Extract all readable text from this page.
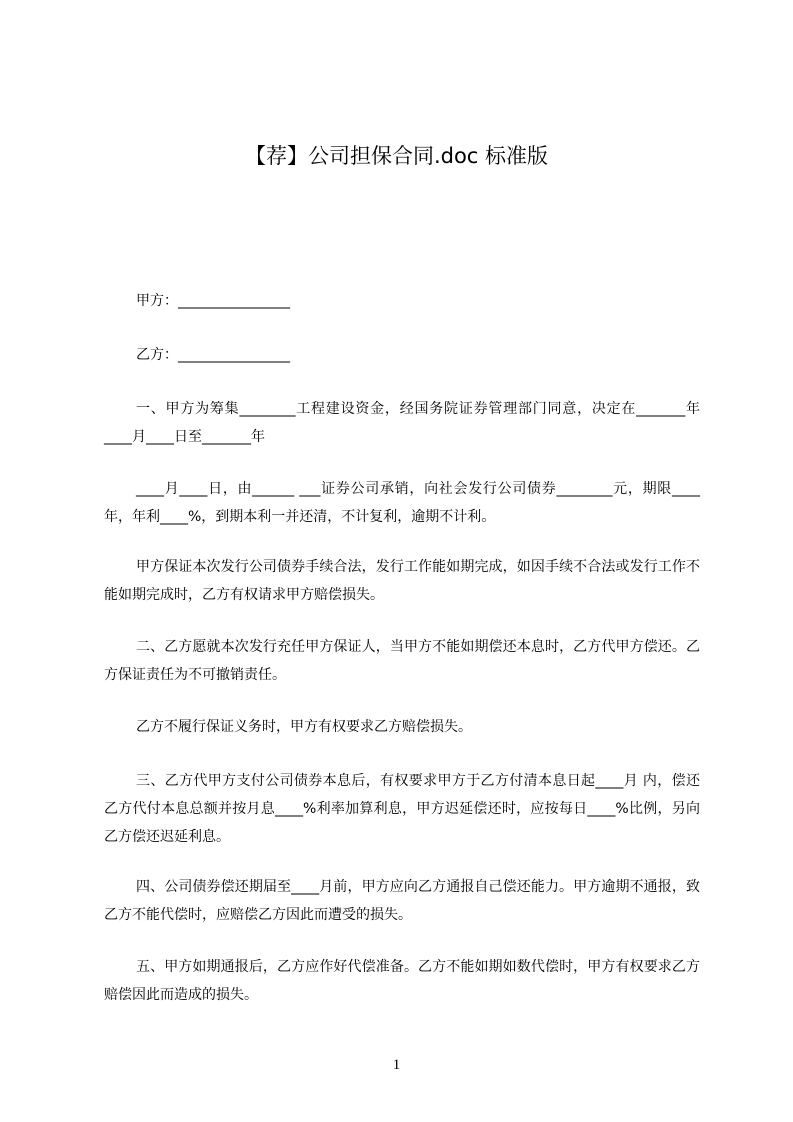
【荐】公司担保合同.doc 标准版

甲方：________________

乙方：________________

一、甲方为筹集________工程建设资金，经国务院证券管理部门同意，决定在_______年____月____日至_______年

____月____日，由______ ___证券公司承销，向社会发行公司债券________元，期限____年，年利____%，到期本利一并还清，不计复利，逾期不计利。

甲方保证本次发行公司债券手续合法，发行工作能如期完成，如因手续不合法或发行工作不能如期完成时，乙方有权请求甲方赔偿损失。

二、乙方愿就本次发行充任甲方保证人，当甲方不能如期偿还本息时，乙方代甲方偿还。乙方保证责任为不可撤销责任。

乙方不履行保证义务时，甲方有权要求乙方赔偿损失。

三、乙方代甲方支付公司债券本息后，有权要求甲方于乙方付清本息日起____月 内，偿还乙方代付本息总额并按月息____%利率加算利息，甲方迟延偿还时，应按每日____%比例，另向乙方偿还迟延利息。

四、公司债券偿还期届至____月前，甲方应向乙方通报自己偿还能力。甲方逾期不通报，致乙方不能代偿时，应赔偿乙方因此而遭受的损失。

五、甲方如期通报后，乙方应作好代偿准备。乙方不能如期如数代偿时，甲方有权要求乙方赔偿因此而造成的损失。

1
